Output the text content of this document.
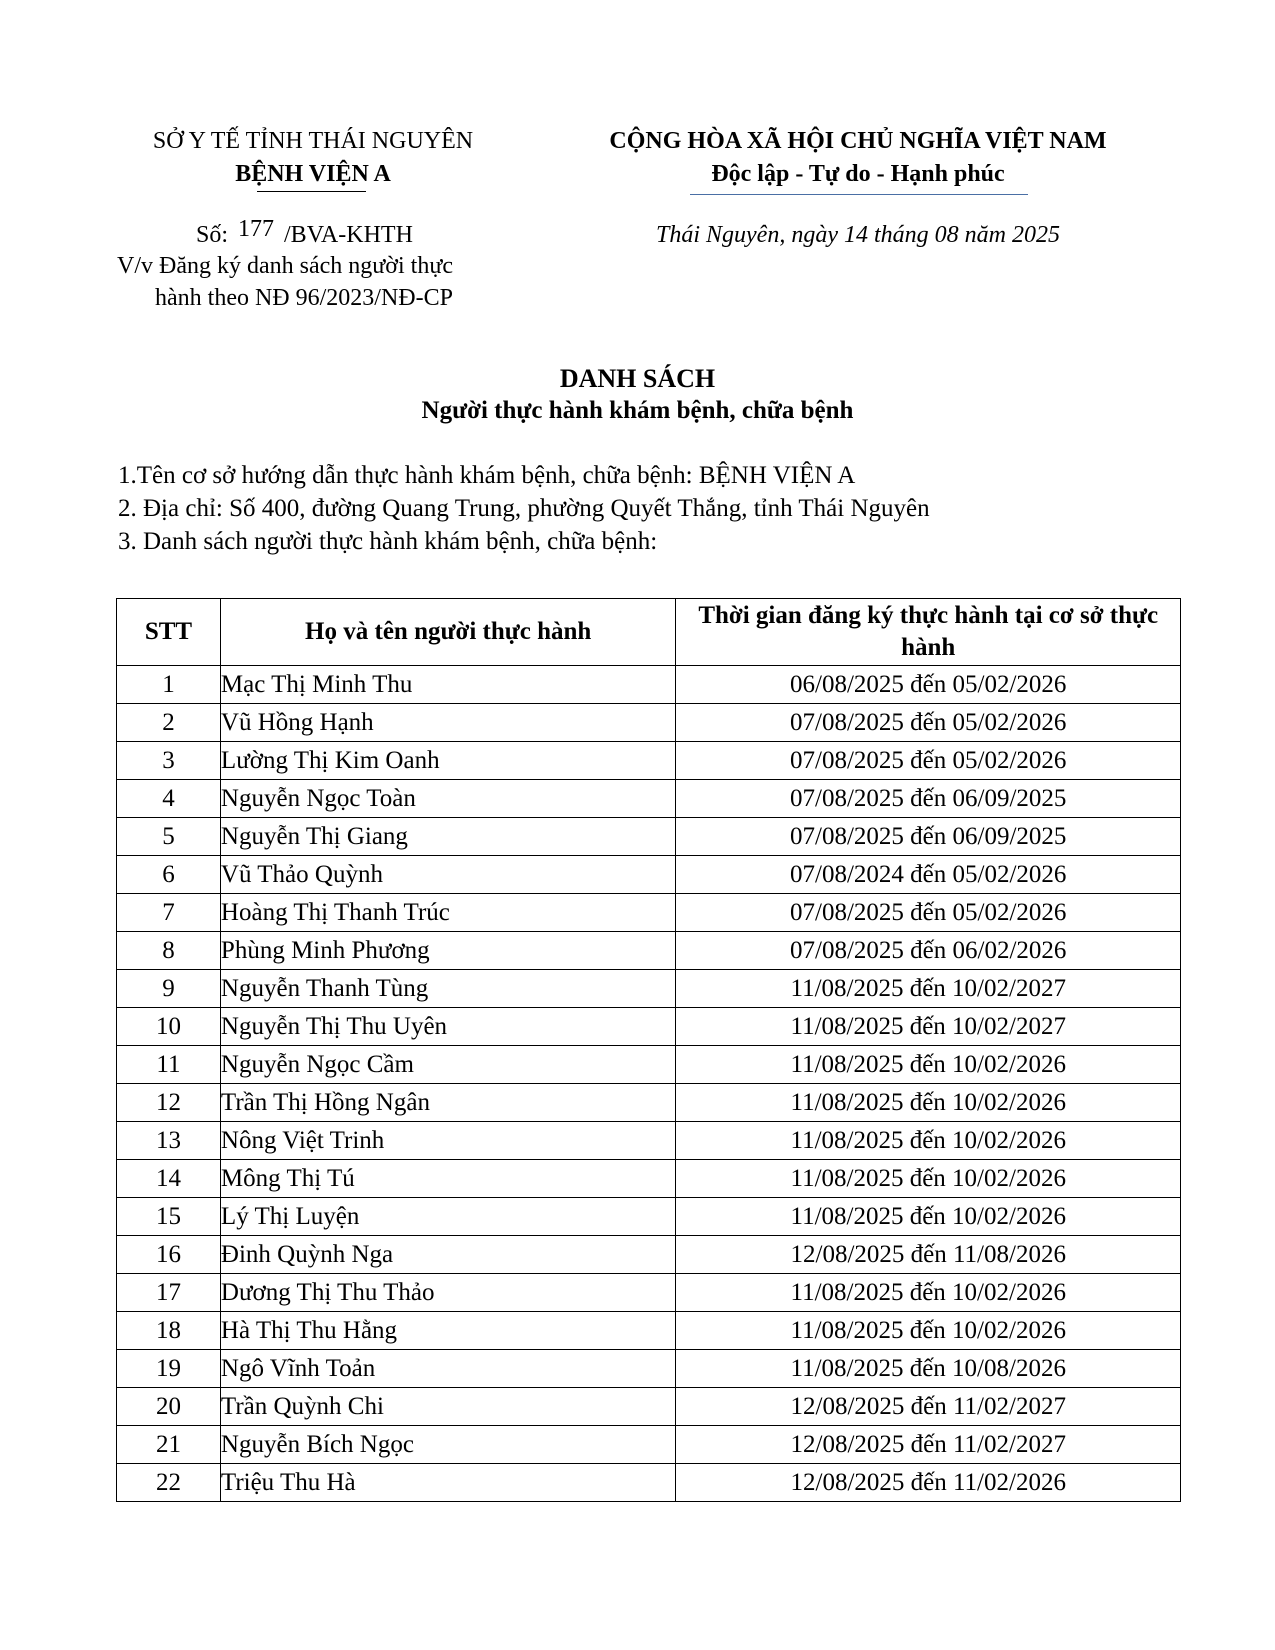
SỞ Y TẾ TỈNH THÁI NGUYÊN
BỆNH VIỆN A
Số: 177 /BVA-KHTH
V/v Đăng ký danh sách người thực
hành theo NĐ 96/2023/NĐ-CP
CỘNG HÒA XÃ HỘI CHỦ NGHĨA VIỆT NAM
Độc lập - Tự do - Hạnh phúc
Thái Nguyên, ngày 14 tháng 08 năm 2025
DANH SÁCH
Người thực hành khám bệnh, chữa bệnh
1.Tên cơ sở hướng dẫn thực hành khám bệnh, chữa bệnh: BỆNH VIỆN A
2. Địa chỉ: Số 400, đường Quang Trung, phường Quyết Thắng, tỉnh Thái Nguyên
3. Danh sách người thực hành khám bệnh, chữa bệnh:
STT	Họ và tên người thực hành	Thời gian đăng ký thực hành tại cơ sở thực hành
1	Mạc Thị Minh Thu	06/08/2025 đến 05/02/2026
2	Vũ Hồng Hạnh	07/08/2025 đến 05/02/2026
3	Lường Thị Kim Oanh	07/08/2025 đến 05/02/2026
4	Nguyễn Ngọc Toàn	07/08/2025 đến 06/09/2025
5	Nguyễn Thị Giang	07/08/2025 đến 06/09/2025
6	Vũ Thảo Quỳnh	07/08/2024 đến 05/02/2026
7	Hoàng Thị Thanh Trúc	07/08/2025 đến 05/02/2026
8	Phùng Minh Phương	07/08/2025 đến 06/02/2026
9	Nguyễn Thanh Tùng	11/08/2025 đến 10/02/2027
10	Nguyễn Thị Thu Uyên	11/08/2025 đến 10/02/2027
11	Nguyễn Ngọc Cầm	11/08/2025 đến 10/02/2026
12	Trần Thị Hồng Ngân	11/08/2025 đến 10/02/2026
13	Nông Việt Trinh	11/08/2025 đến 10/02/2026
14	Mông Thị Tú	11/08/2025 đến 10/02/2026
15	Lý Thị Luyện	11/08/2025 đến 10/02/2026
16	Đinh Quỳnh Nga	12/08/2025 đến 11/08/2026
17	Dương Thị Thu Thảo	11/08/2025 đến 10/02/2026
18	Hà Thị Thu Hằng	11/08/2025 đến 10/02/2026
19	Ngô Vĩnh Toản	11/08/2025 đến 10/08/2026
20	Trần Quỳnh Chi	12/08/2025 đến 11/02/2027
21	Nguyễn Bích Ngọc	12/08/2025 đến 11/02/2027
22	Triệu Thu Hà	12/08/2025 đến 11/02/2026
